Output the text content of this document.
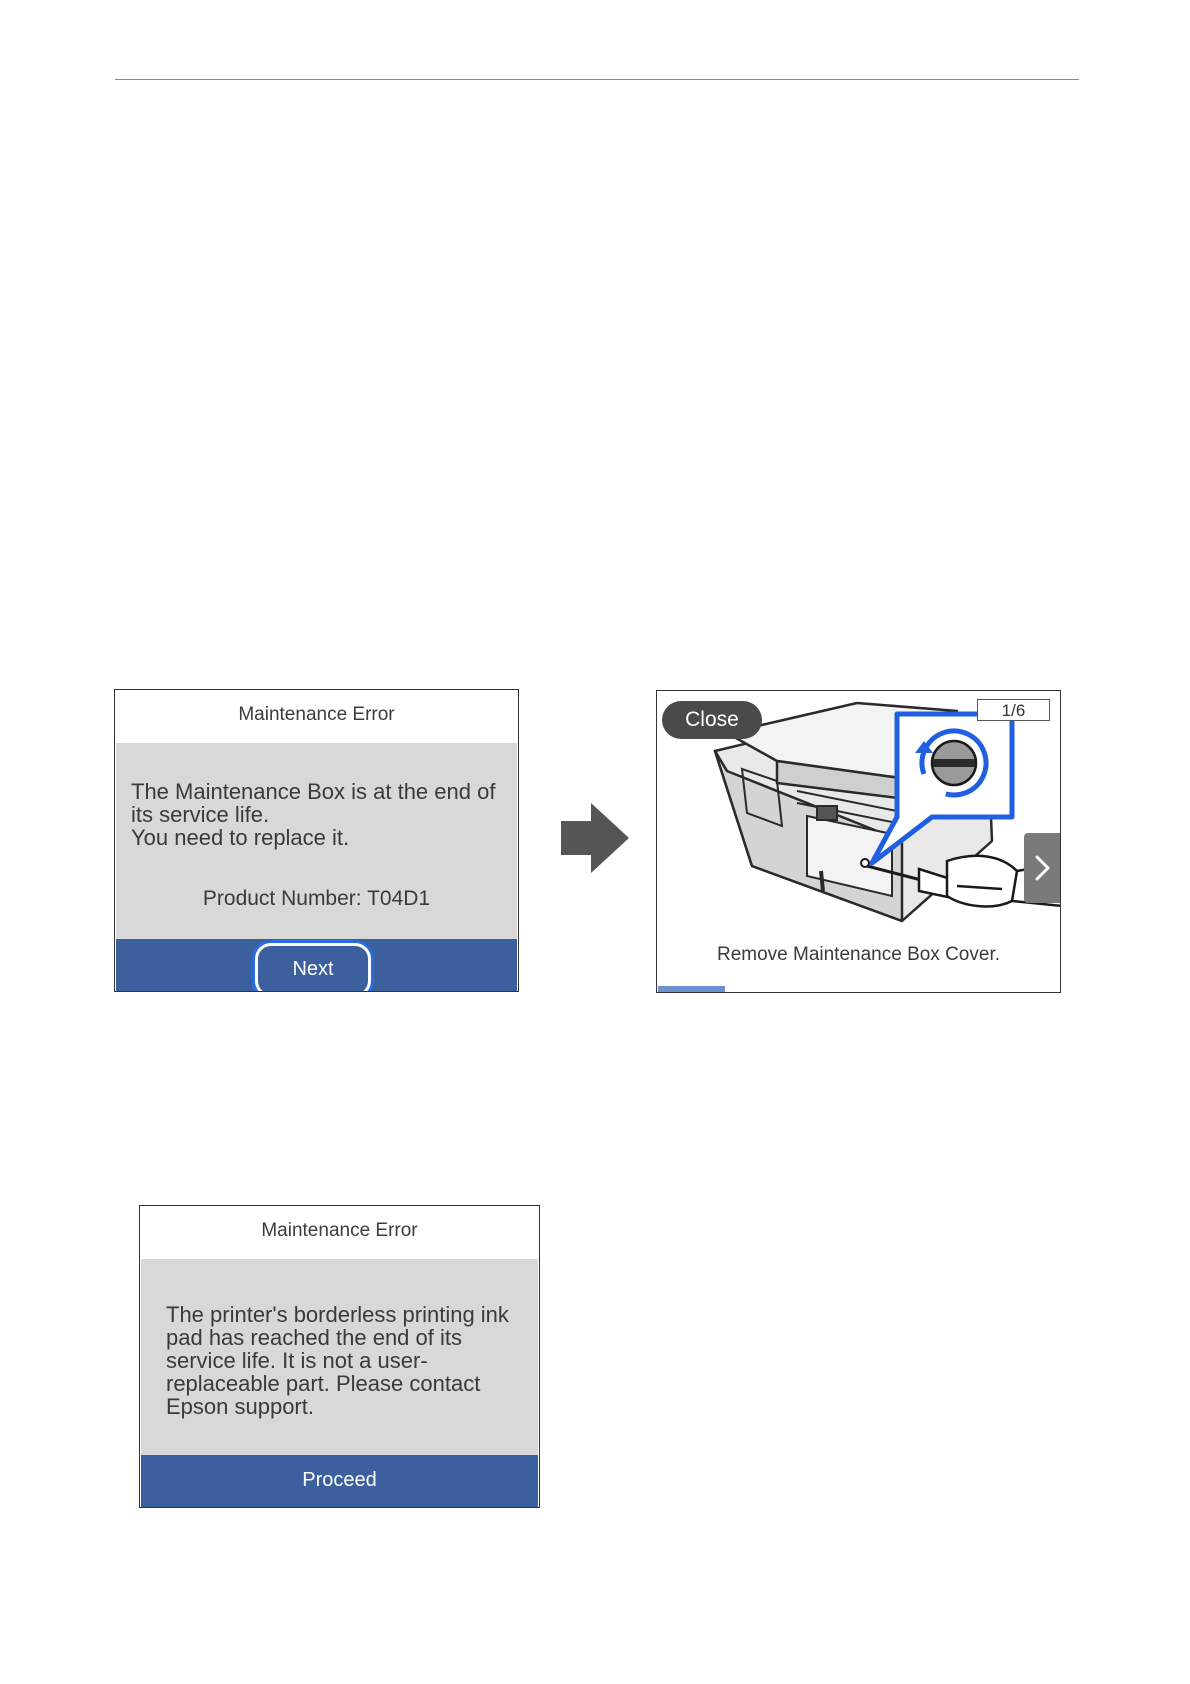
Maintenance Error
The Maintenance Box is at the end of
its service life.
You need to replace it.
Product Number: T04D1
Next
Close	1/6
Remove Maintenance Box Cover.
Maintenance Error
The printer's borderless printing ink
pad has reached the end of its
service life. It is not a user-
replaceable part. Please contact
Epson support.
Proceed
